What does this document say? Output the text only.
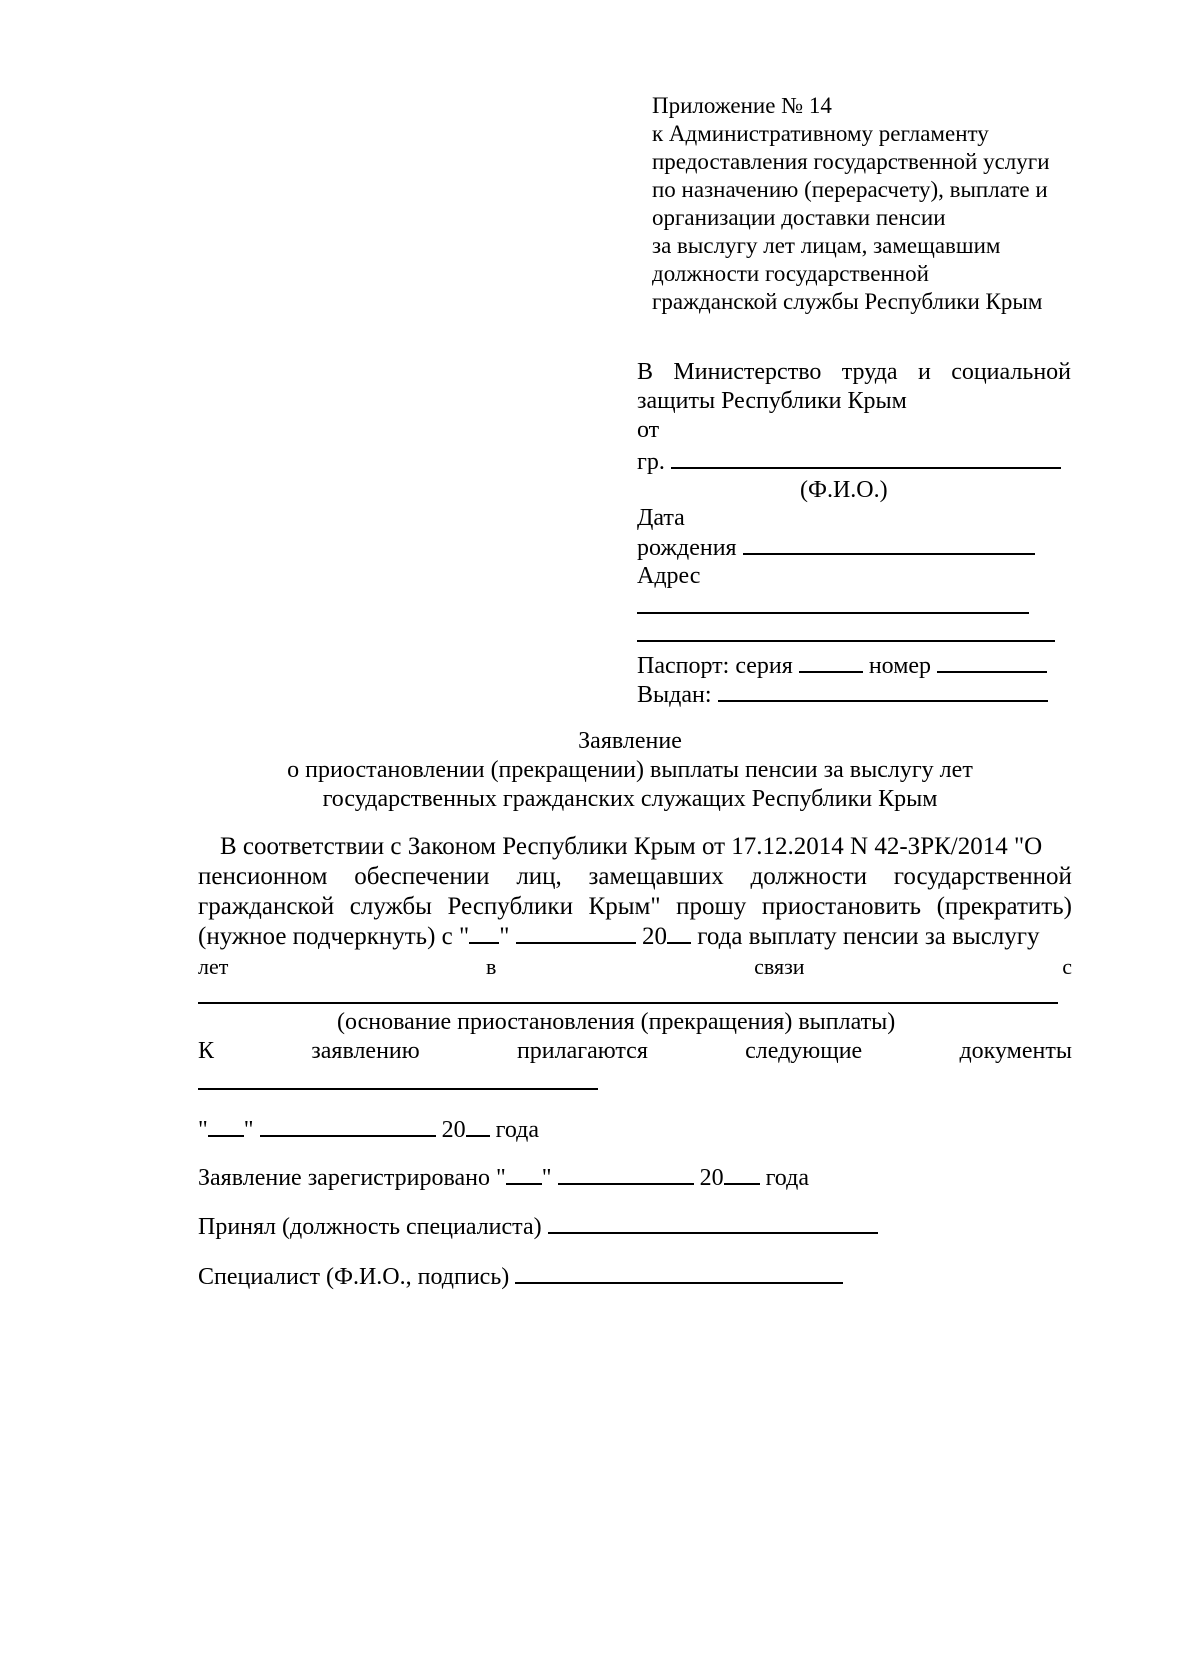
Приложение № 14
к Административному регламенту
предоставления государственной услуги
по назначению (перерасчету), выплате и
организации доставки пенсии
за выслугу лет лицам, замещавшим
должности государственной
гражданской службы Республики Крым
В Министерство труда и социальной
защиты Республики Крым
от
гр.
(Ф.И.О.)
Дата
рождения
Адрес
Паспорт: серия	номер
Выдан:
Заявление
о приостановлении (прекращении) выплаты пенсии за выслугу лет
государственных гражданских служащих Республики Крым
В соответствии с Законом Республики Крым от 17.12.2014 N 42-ЗРК/2014 "О
пенсионном обеспечении лиц, замещавших должности государственной
гражданской службы Республики Крым" прошу приостановить (прекратить)
(нужное подчеркнуть) с " "	20 года выплату пенсии за выслугу
лет	в	связи	с
(основание приостановления (прекращения) выплаты)
К	заявлению	прилагаются	следующие	документы
" "	20 года
Заявление зарегистрировано " "	20 года
Принял (должность специалиста)
Специалист (Ф.И.О., подпись)
